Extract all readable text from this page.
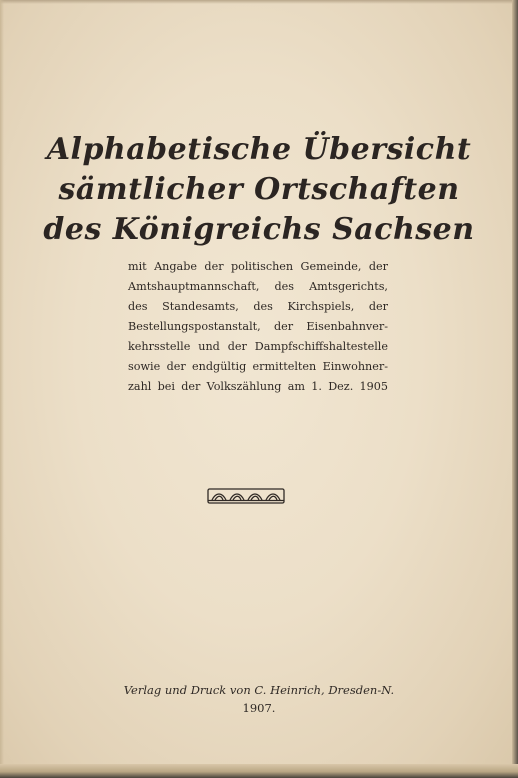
Alphabetische Übersicht
sämtlicher Ortschaften
des Königreichs Sachsen
mit Angabe der politischen Gemeinde, der
Amtshauptmannschaft, des Amtsgerichts,
des Standesamts, des Kirchspiels, der
Bestellungspostanstalt, der Eisenbahnver-
kehrsstelle und der Dampfschiffshaltestelle
sowie der endgültig ermittelten Einwohner-
zahl bei der Volkszählung am 1. Dez. 1905
Verlag und Druck von C. Heinrich, Dresden-N.
1907.
